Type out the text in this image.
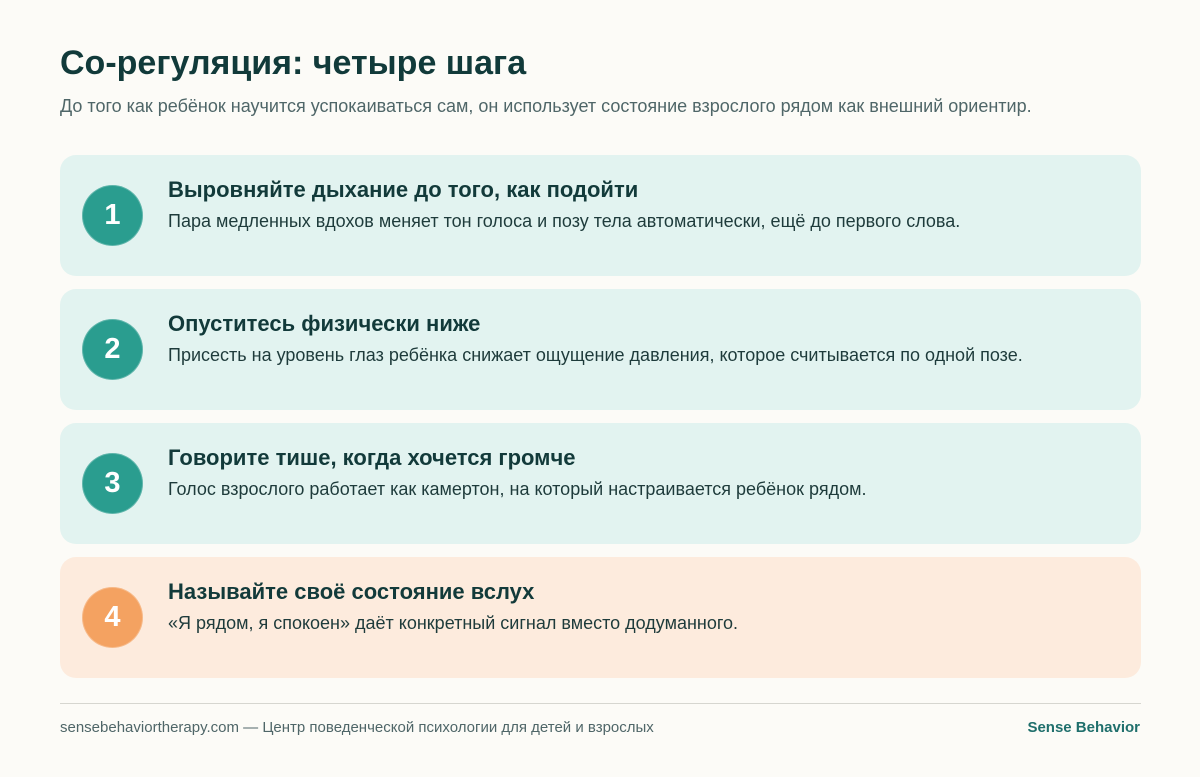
Со-регуляция: четыре шага

До того как ребёнок научится успокаиваться сам, он использует состояние взрослого рядом как внешний ориентир.

1
Выровняйте дыхание до того, как подойти

Пара медленных вдохов меняет тон голоса и позу тела автоматически, ещё до первого слова.

2
Опуститесь физически ниже

Присесть на уровень глаз ребёнка снижает ощущение давления, которое считывается по одной позе.

3
Говорите тише, когда хочется громче

Голос взрослого работает как камертон, на который настраивается ребёнок рядом.

4
Называйте своё состояние вслух

«Я рядом, я спокоен» даёт конкретный сигнал вместо додуманного.

sensebehaviortherapy.com — Центр поведенческой психологии для детей и взрослых	Sense Behavior
